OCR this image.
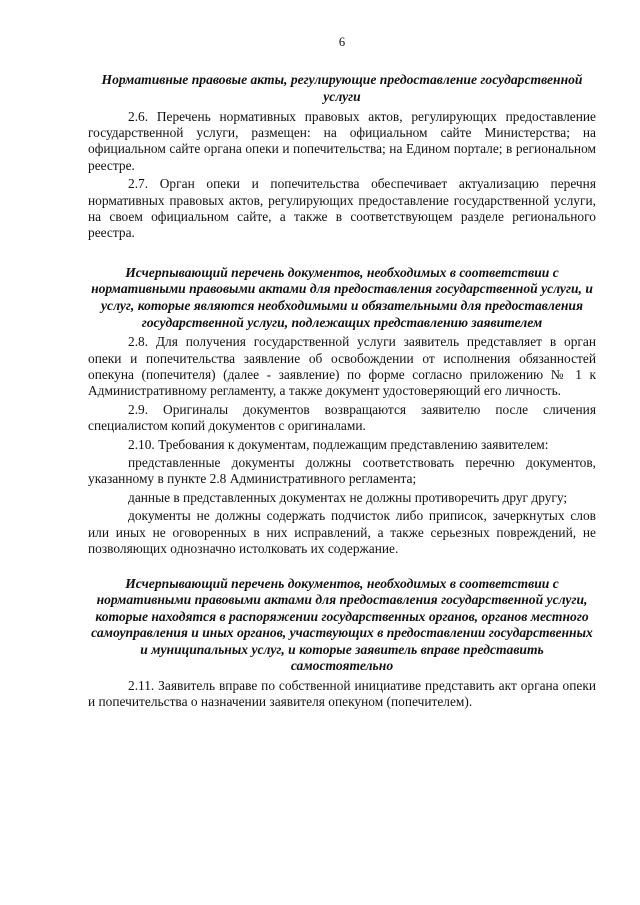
6
Нормативные правовые акты, регулирующие предоставление государственной услуги

2.6. Перечень нормативных правовых актов, регулирующих предоставление государственной услуги, размещен: на официальном сайте Министерства; на официальном сайте органа опеки и попечительства; на Едином портале; в региональном реестре.

2.7. Орган опеки и попечительства обеспечивает актуализацию перечня нормативных правовых актов, регулирующих предоставление государственной услуги, на своем официальном сайте, а также в соответствующем разделе регионального реестра.

Исчерпывающий перечень документов, необходимых в соответствии с нормативными правовыми актами для предоставления государственной услуги, и услуг, которые являются необходимыми и обязательными для предоставления государственной услуги, подлежащих представлению заявителем

2.8. Для получения государственной услуги заявитель представляет в орган опеки и попечительства заявление об освобождении от исполнения обязанностей опекуна (попечителя) (далее - заявление) по форме согласно приложению № 1 к Административному регламенту, а также документ удостоверяющий его личность.

2.9. Оригиналы документов возвращаются заявителю после сличения специалистом копий документов с оригиналами.

2.10. Требования к документам, подлежащим представлению заявителем:

представленные документы должны соответствовать перечню документов, указанному в пункте 2.8 Административного регламента;

данные в представленных документах не должны противоречить друг другу;

документы не должны содержать подчисток либо приписок, зачеркнутых слов или иных не оговоренных в них исправлений, а также серьезных повреждений, не позволяющих однозначно истолковать их содержание.

Исчерпывающий перечень документов, необходимых в соответствии с нормативными правовыми актами для предоставления государственной услуги, которые находятся в распоряжении государственных органов, органов местного самоуправления и иных органов, участвующих в предоставлении государственных и муниципальных услуг, и которые заявитель вправе представить самостоятельно

2.11. Заявитель вправе по собственной инициативе представить акт органа опеки и попечительства о назначении заявителя опекуном (попечителем).
